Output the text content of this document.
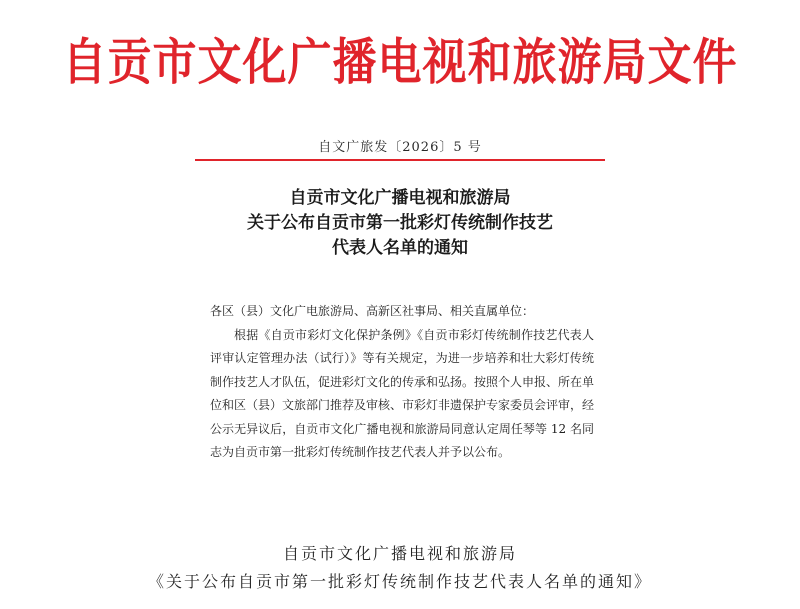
自贡市文化广播电视和旅游局文件
自文广旅发〔2026〕5 号
自贡市文化广播电视和旅游局
关于公布自贡市第一批彩灯传统制作技艺
代表人名单的通知

各区（县）文化广电旅游局、高新区社事局、相关直属单位：

根据《自贡市彩灯文化保护条例》《自贡市彩灯传统制作技艺代表人评审认定管理办法（试行）》等有关规定，为进一步培养和壮大彩灯传统制作技艺人才队伍，促进彩灯文化的传承和弘扬。按照个人申报、所在单位和区（县）文旅部门推荐及审核、市彩灯非遗保护专家委员会评审，经公示无异议后，自贡市文化广播电视和旅游局同意认定周任琴等 12 名同志为自贡市第一批彩灯传统制作技艺代表人并予以公布。

自贡市文化广播电视和旅游局
《关于公布自贡市第一批彩灯传统制作技艺代表人名单的通知》
